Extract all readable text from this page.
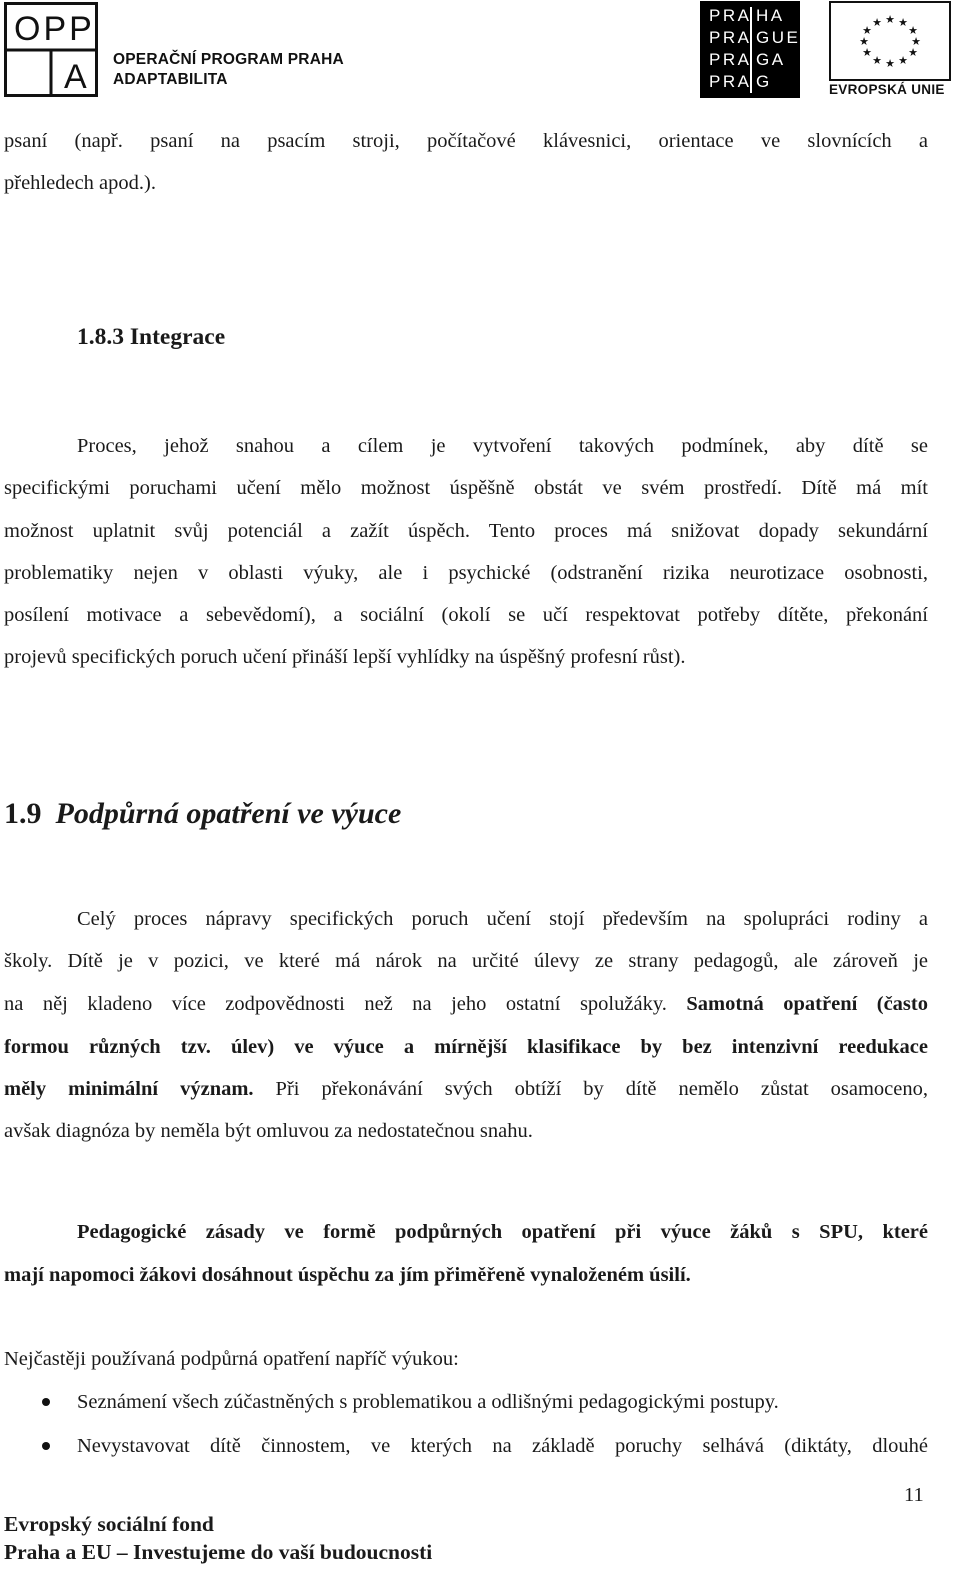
OPP
A OPERAČNÍ PROGRAM PRAHA
ADAPTABILITA
PRA
PRA
PRA
PRA
HA
GUE
GA
G
★ ★
★
★
★
★
★
★
★
★
★
★
EVROPSKÁ UNIE
psaní (např. psaní na psacím stroji, počítačové klávesnici, orientace ve slovnících a
přehledech apod.).
1.8.3 Integrace
Proces, jehož snahou a cílem je vytvoření takových podmínek, aby dítě se
specifickými poruchami učení mělo možnost úspěšně obstát ve svém prostředí. Dítě má mít
možnost uplatnit svůj potenciál a zažít úspěch. Tento proces má snižovat dopady sekundární
problematiky nejen v oblasti výuky, ale i psychické (odstranění rizika neurotizace osobnosti,
posílení motivace a sebevědomí), a sociální (okolí se učí respektovat potřeby dítěte, překonání
projevů specifických poruch učení přináší lepší vyhlídky na úspěšný profesní růst).
1.9 Podpůrná opatření ve výuce
Celý proces nápravy specifických poruch učení stojí především na spolupráci rodiny a
školy. Dítě je v pozici, ve které má nárok na určité úlevy ze strany pedagogů, ale zároveň je
na něj kladeno více zodpovědnosti než na jeho ostatní spolužáky. Samotná opatření (často
formou různých tzv. úlev) ve výuce a mírnější klasifikace by bez intenzivní reedukace
měly minimální význam. Při překonávání svých obtíží by dítě nemělo zůstat osamoceno,
avšak diagnóza by neměla být omluvou za nedostatečnou snahu.
Pedagogické zásady ve formě podpůrných opatření při výuce žáků s SPU, které
mají napomoci žákovi dosáhnout úspěchu za jím přiměřeně vynaloženém úsilí.
Nejčastěji používaná podpůrná opatření napříč výukou:
Seznámení všech zúčastněných s problematikou a odlišnými pedagogickými postupy.
Nevystavovat dítě činnostem, ve kterých na základě poruchy selhává (diktáty, dlouhé
11
Evropský sociální fond
Praha a EU – Investujeme do vaší budoucnosti
